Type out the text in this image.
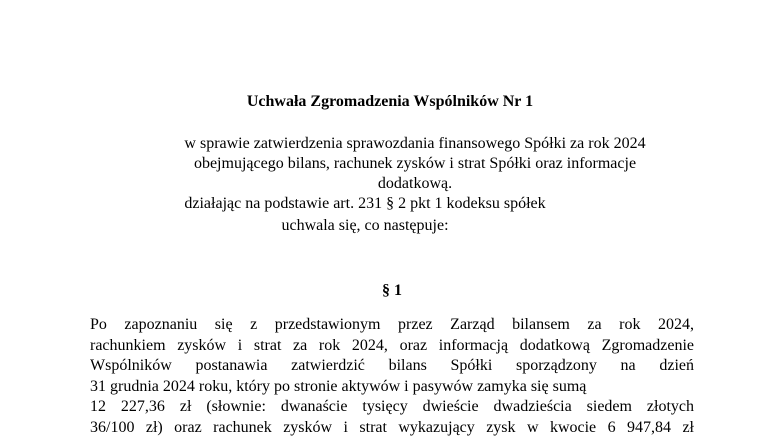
Uchwała Zgromadzenia Wspólników Nr 1

w sprawie zatwierdzenia sprawozdania finansowego Spółki za rok 2024
obejmującego bilans, rachunek zysków i strat Spółki oraz informacje
dodatkową.

działając na podstawie art. 231 § 2 pkt 1 kodeksu spółek

uchwala się, co następuje:

§ 1

Po zapoznaniu się z przedstawionym przez Zarząd bilansem za rok 2024,
rachunkiem zysków i strat za rok 2024, oraz informacją dodatkową Zgromadzenie
Wspólników postanawia zatwierdzić bilans Spółki sporządzony na dzień
31 grudnia 2024 roku, który po stronie aktywów i pasywów zamyka się sumą
12 227,36 zł (słownie: dwanaście tysięcy dwieście dwadzieścia siedem złotych
36/100 zł) oraz rachunek zysków i strat wykazujący zysk w kwocie 6 947,84 zł
